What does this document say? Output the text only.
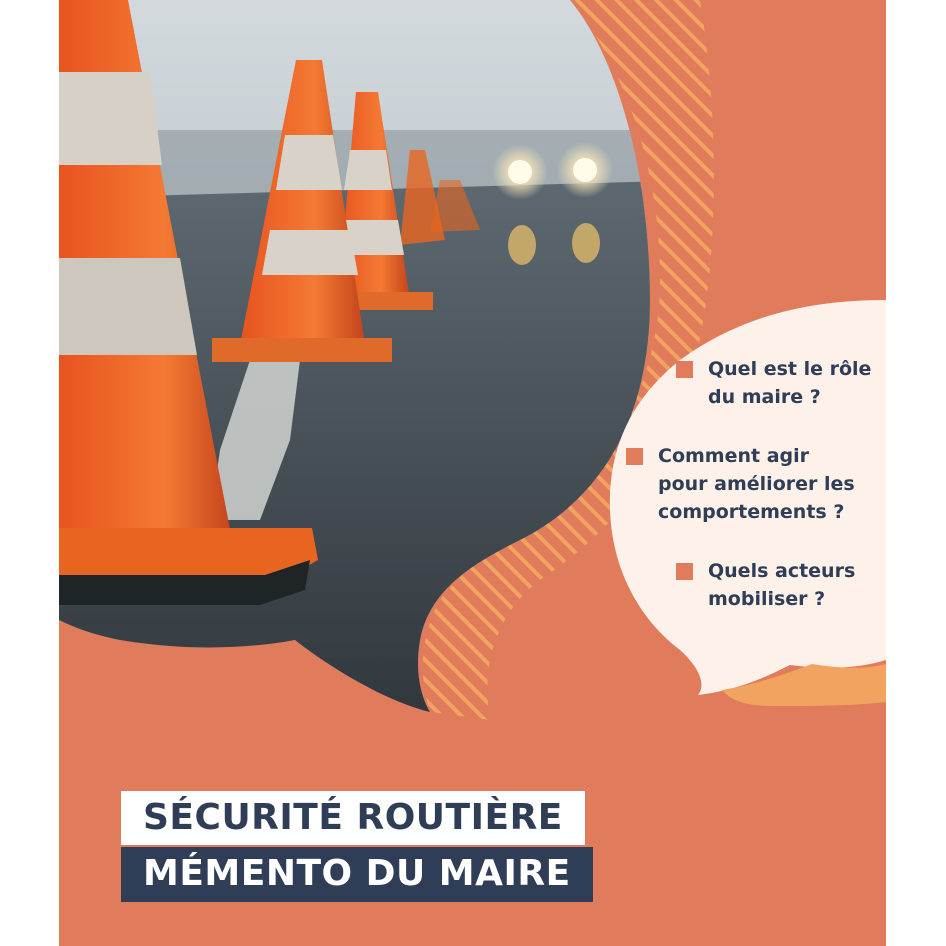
Quel est le rôle
du maire ?
Comment agir
pour améliorer les
comportements ?
Quels acteurs
mobiliser ?
SÉCURITÉ ROUTIÈRE
MÉMENTO DU MAIRE
